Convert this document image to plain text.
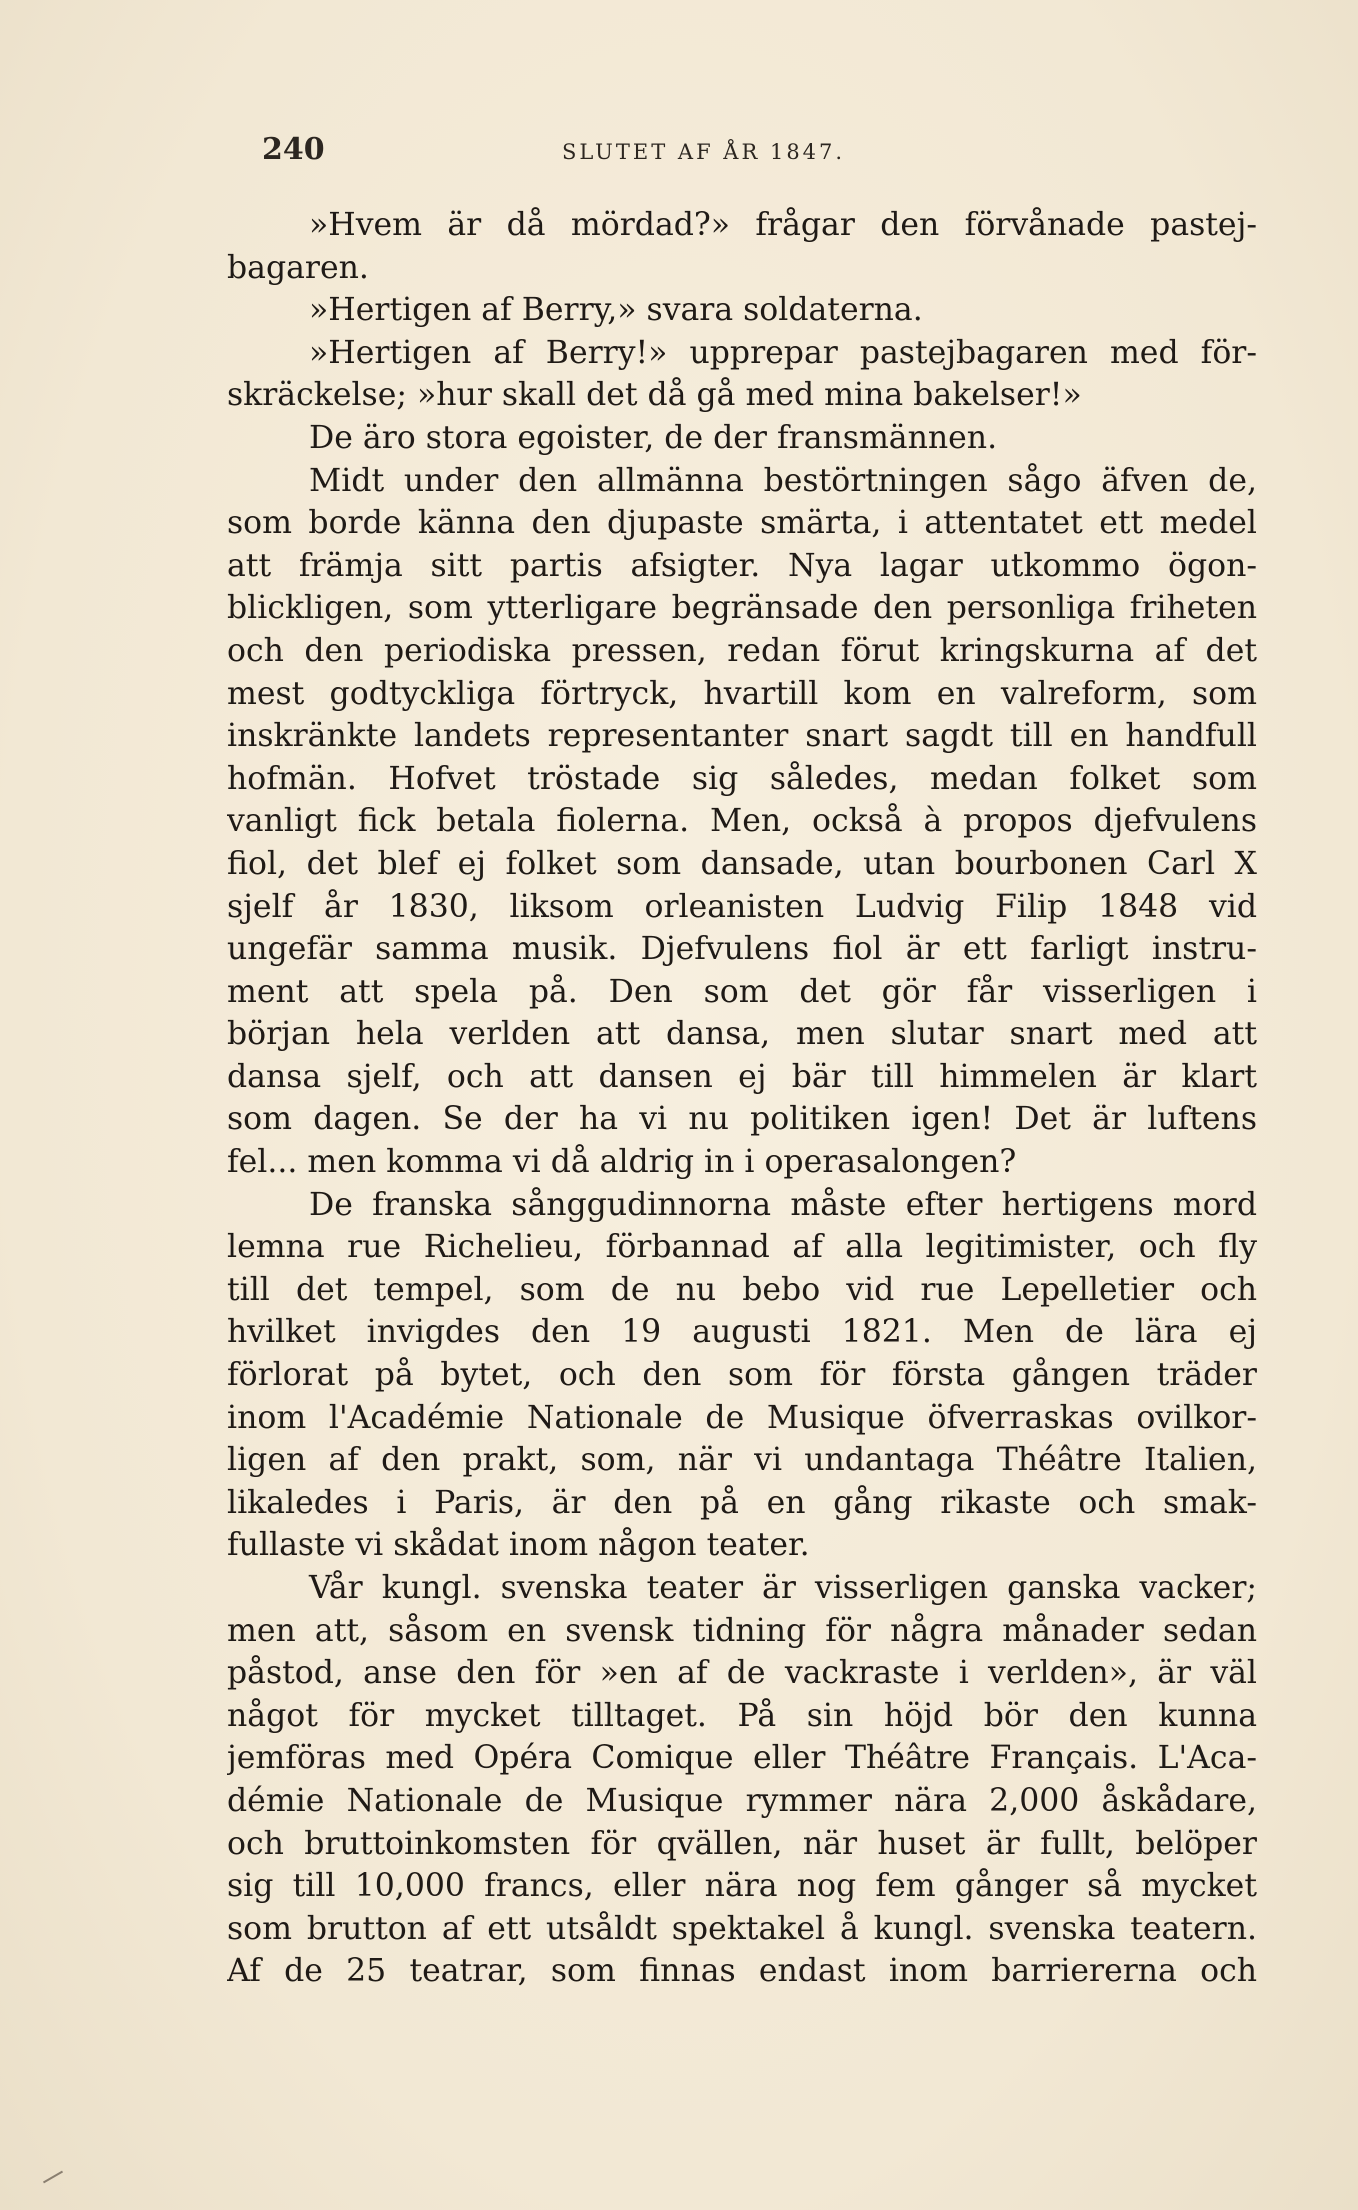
240	SLUTET AF ÅR 1847.
»Hvem är då mördad?» frågar den förvånade pastej-
bagaren.
»Hertigen af Berry,» svara soldaterna.
»Hertigen af Berry!» upprepar pastejbagaren med för-
skräckelse; »hur skall det då gå med mina bakelser!»
De äro stora egoister, de der fransmännen.
Midt under den allmänna bestörtningen sågo äfven de,
som borde känna den djupaste smärta, i attentatet ett medel
att främja sitt partis afsigter. Nya lagar utkommo ögon-
blickligen, som ytterligare begränsade den personliga friheten
och den periodiska pressen, redan förut kringskurna af det
mest godtyckliga förtryck, hvartill kom en valreform, som
inskränkte landets representanter snart sagdt till en handfull
hofmän. Hofvet tröstade sig således, medan folket som
vanligt fick betala fiolerna. Men, också à propos djefvulens
fiol, det blef ej folket som dansade, utan bourbonen Carl X
sjelf år 1830, liksom orleanisten Ludvig Filip 1848 vid
ungefär samma musik. Djefvulens fiol är ett farligt instru-
ment att spela på. Den som det gör får visserligen i
början hela verlden att dansa, men slutar snart med att
dansa sjelf, och att dansen ej bär till himmelen är klart
som dagen. Se der ha vi nu politiken igen! Det är luftens
fel... men komma vi då aldrig in i operasalongen?
De franska sånggudinnorna måste efter hertigens mord
lemna rue Richelieu, förbannad af alla legitimister, och fly
till det tempel, som de nu bebo vid rue Lepelletier och
hvilket invigdes den 19 augusti 1821. Men de lära ej
förlorat på bytet, och den som för första gången träder
inom l'Académie Nationale de Musique öfverraskas ovilkor-
ligen af den prakt, som, när vi undantaga Théâtre Italien,
likaledes i Paris, är den på en gång rikaste och smak-
fullaste vi skådat inom någon teater.
Vår kungl. svenska teater är visserligen ganska vacker;
men att, såsom en svensk tidning för några månader sedan
påstod, anse den för »en af de vackraste i verlden», är väl
något för mycket tilltaget. På sin höjd bör den kunna
jemföras med Opéra Comique eller Théâtre Français. L'Aca-
démie Nationale de Musique rymmer nära 2,000 åskådare,
och bruttoinkomsten för qvällen, när huset är fullt, belöper
sig till 10,000 francs, eller nära nog fem gånger så mycket
som brutton af ett utsåldt spektakel å kungl. svenska teatern.
Af de 25 teatrar, som finnas endast inom barriererna och
